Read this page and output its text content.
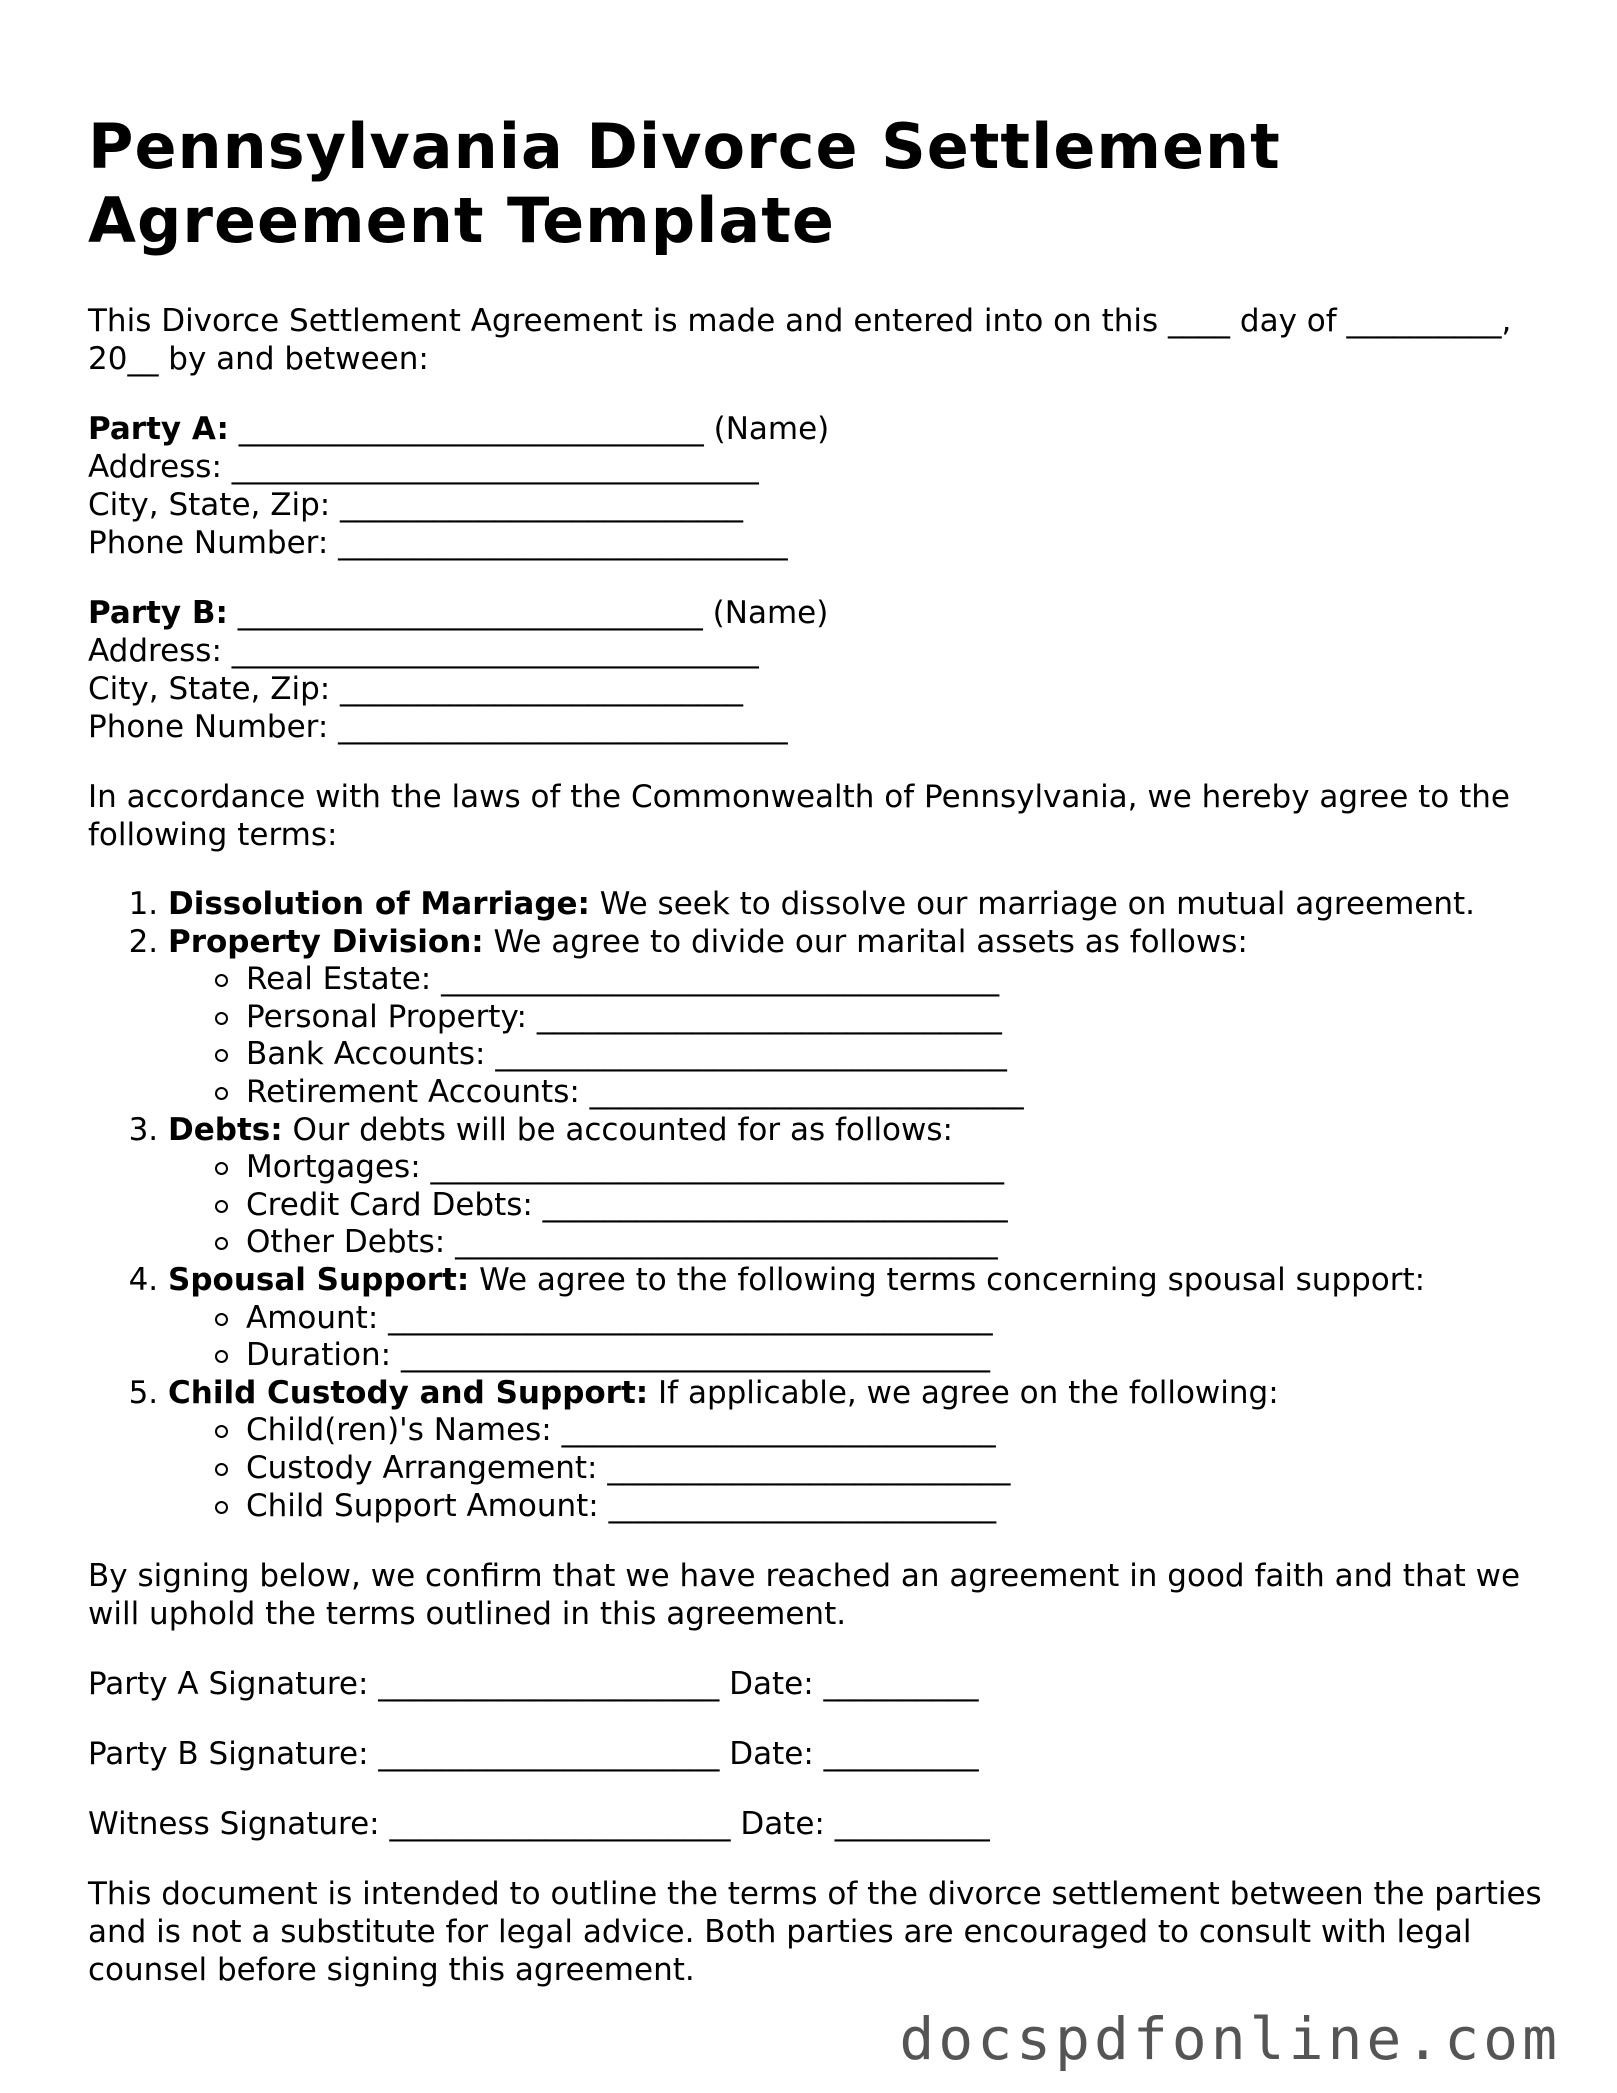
Pennsylvania Divorce Settlement Agreement Template

This Divorce Settlement Agreement is made and entered into on this ____ day of __________, 20__ by and between:

Party A: ______________________________ (Name)
Address: __________________________________
City, State, Zip: __________________________
Phone Number: _____________________________
Party B: ______________________________ (Name)
Address: __________________________________
City, State, Zip: __________________________
Phone Number: _____________________________

In accordance with the laws of the Commonwealth of Pennsylvania, we hereby agree to the following terms:

1. Dissolution of Marriage: We seek to dissolve our marriage on mutual agreement.
2. Property Division: We agree to divide our marital assets as follows:
Real Estate: ____________________________________
Personal Property: ______________________________
Bank Accounts: _________________________________
Retirement Accounts: ____________________________
3. Debts: Our debts will be accounted for as follows:
Mortgages: _____________________________________
Credit Card Debts: ______________________________
Other Debts: ___________________________________
4. Spousal Support: We agree to the following terms concerning spousal support:
Amount: _______________________________________
Duration: ______________________________________
5. Child Custody and Support: If applicable, we agree on the following:
Child(ren)'s Names: ____________________________
Custody Arrangement: __________________________
Child Support Amount: _________________________

By signing below, we confirm that we have reached an agreement in good faith and that we will uphold the terms outlined in this agreement.

Party A Signature: ______________________ Date: __________

Party B Signature: ______________________ Date: __________

Witness Signature: ______________________ Date: __________

This document is intended to outline the terms of the divorce settlement between the parties and is not a substitute for legal advice. Both parties are encouraged to consult with legal counsel before signing this agreement.

docspdfonline.com
